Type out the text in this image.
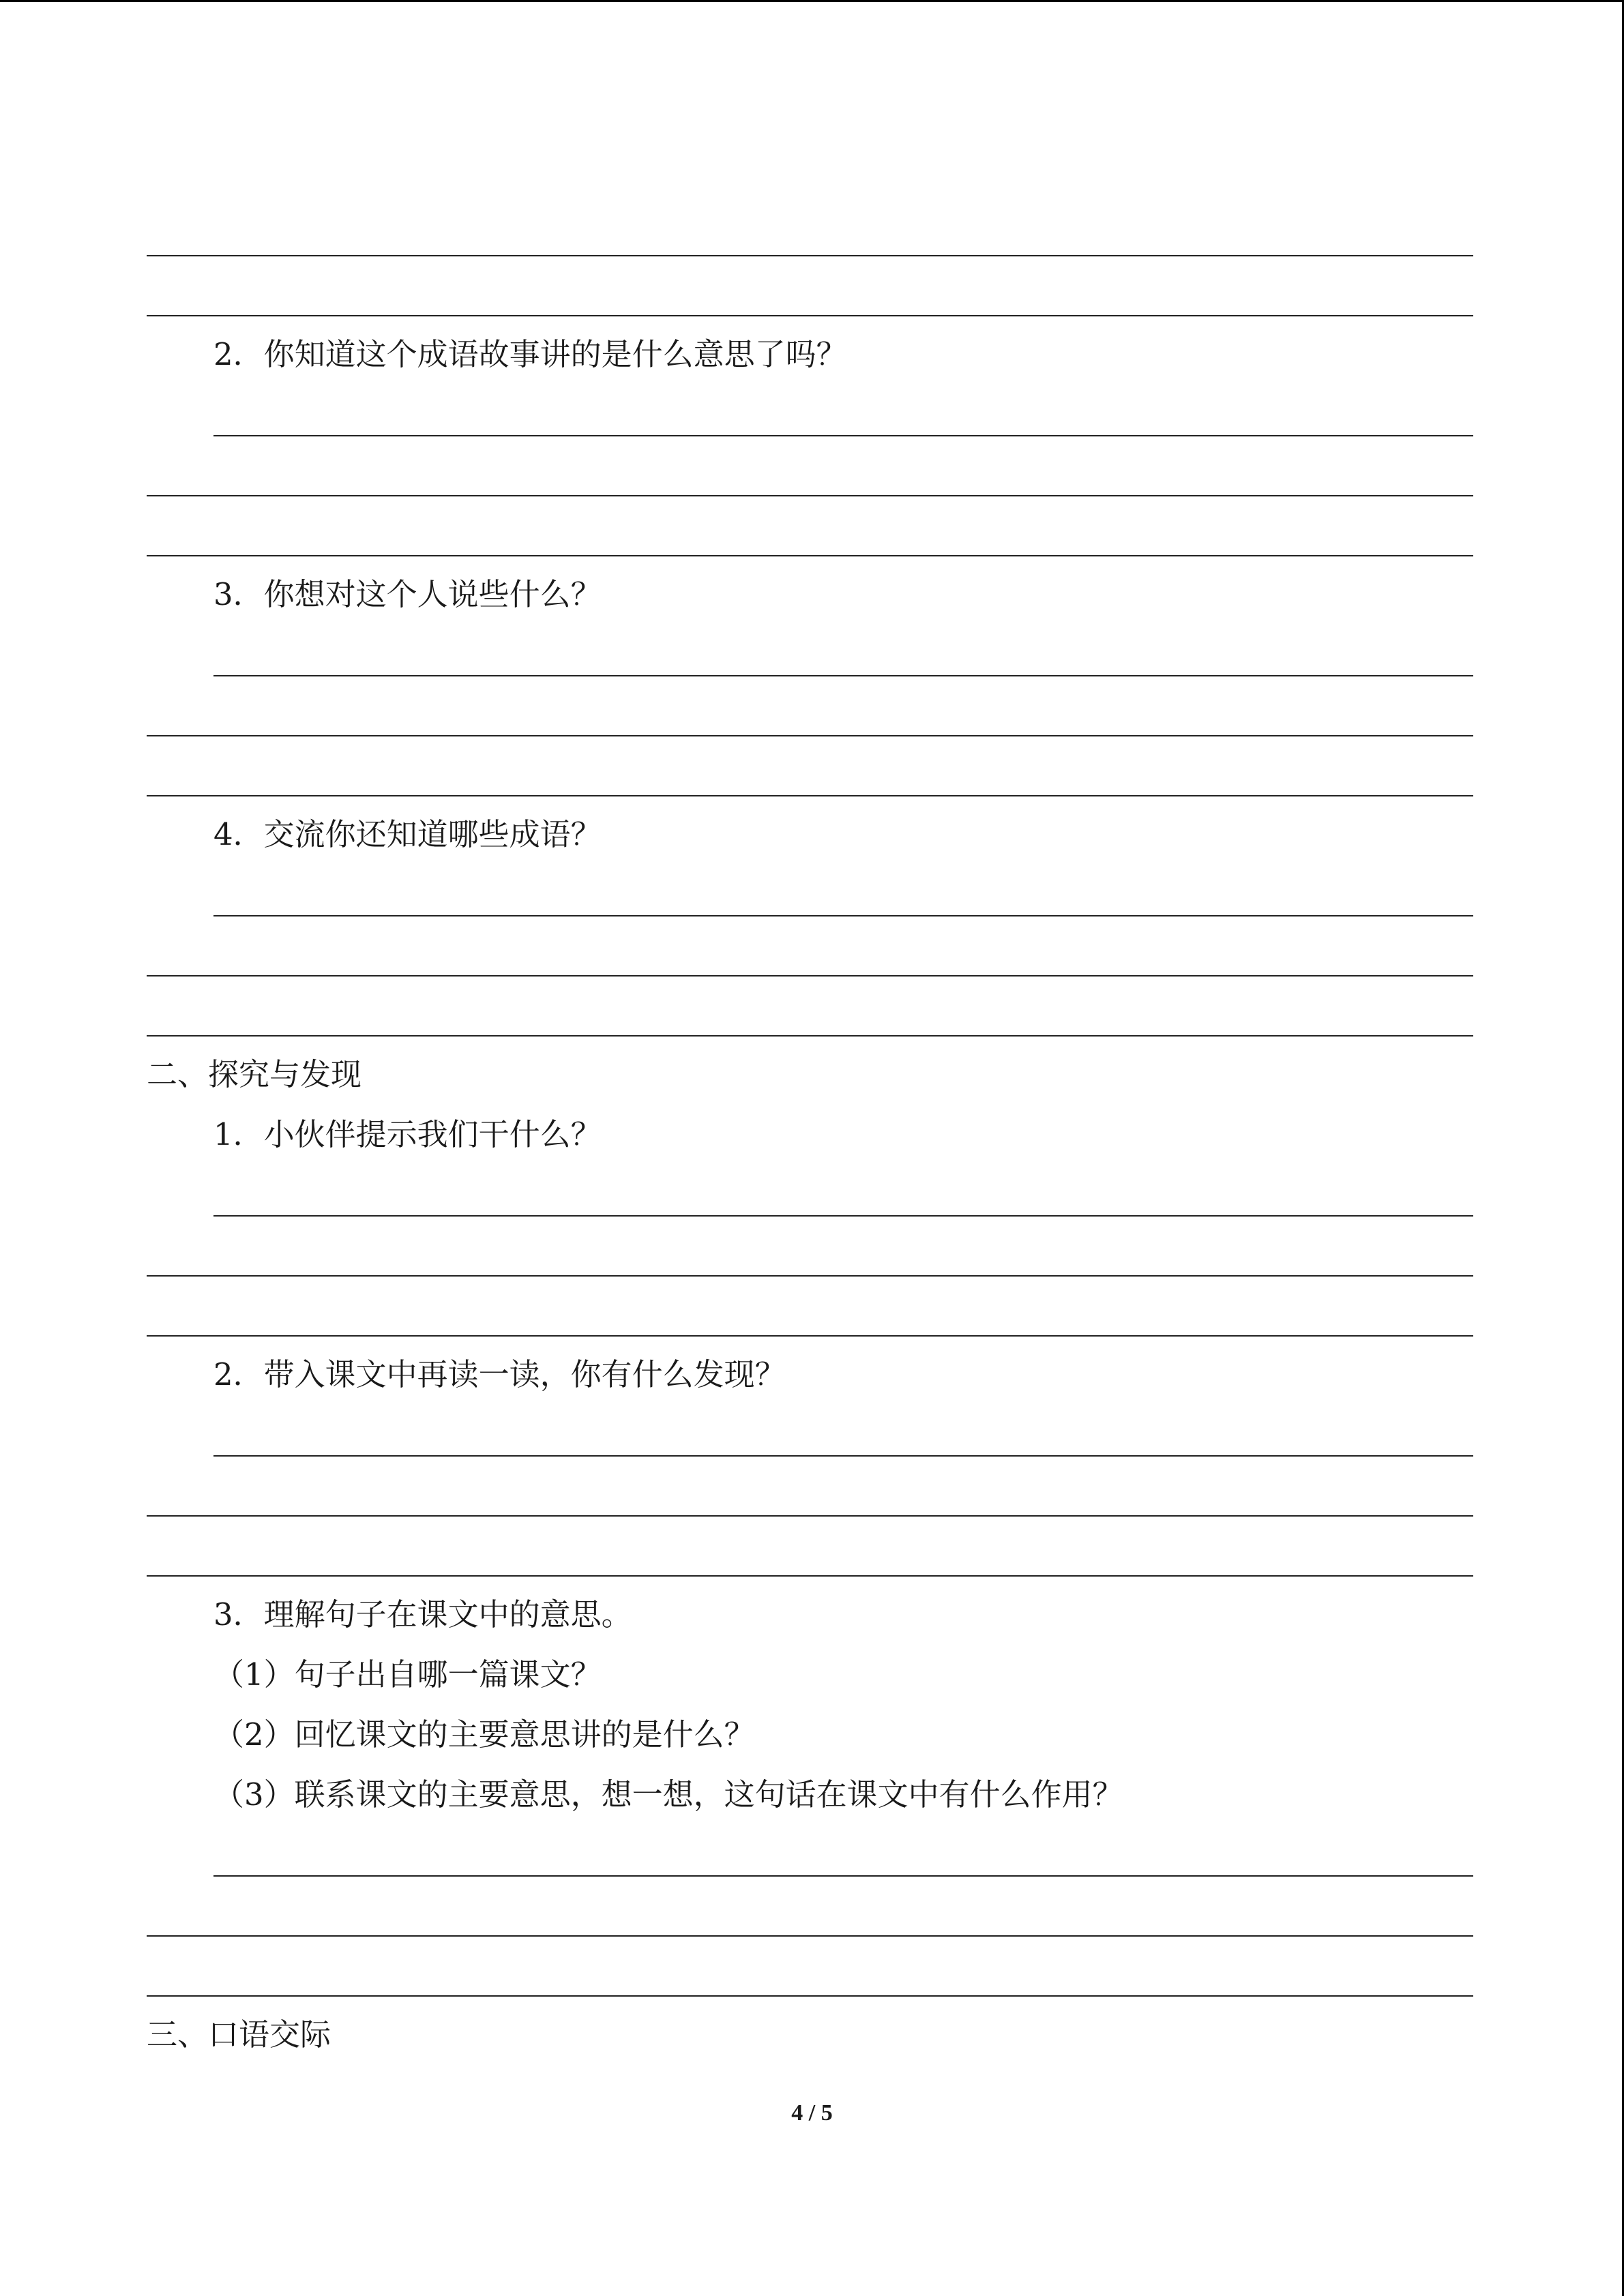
2．你知道这个成语故事讲的是什么意思了吗？
3．你想对这个人说些什么？
4．交流你还知道哪些成语？
二、探究与发现
1．小伙伴提示我们干什么？
2．带入课文中再读一读，你有什么发现？
3．理解句子在课文中的意思。
（1）句子出自哪一篇课文？
（2）回忆课文的主要意思讲的是什么？
（3）联系课文的主要意思，想一想，这句话在课文中有什么作用？
三、口语交际
4 / 5
